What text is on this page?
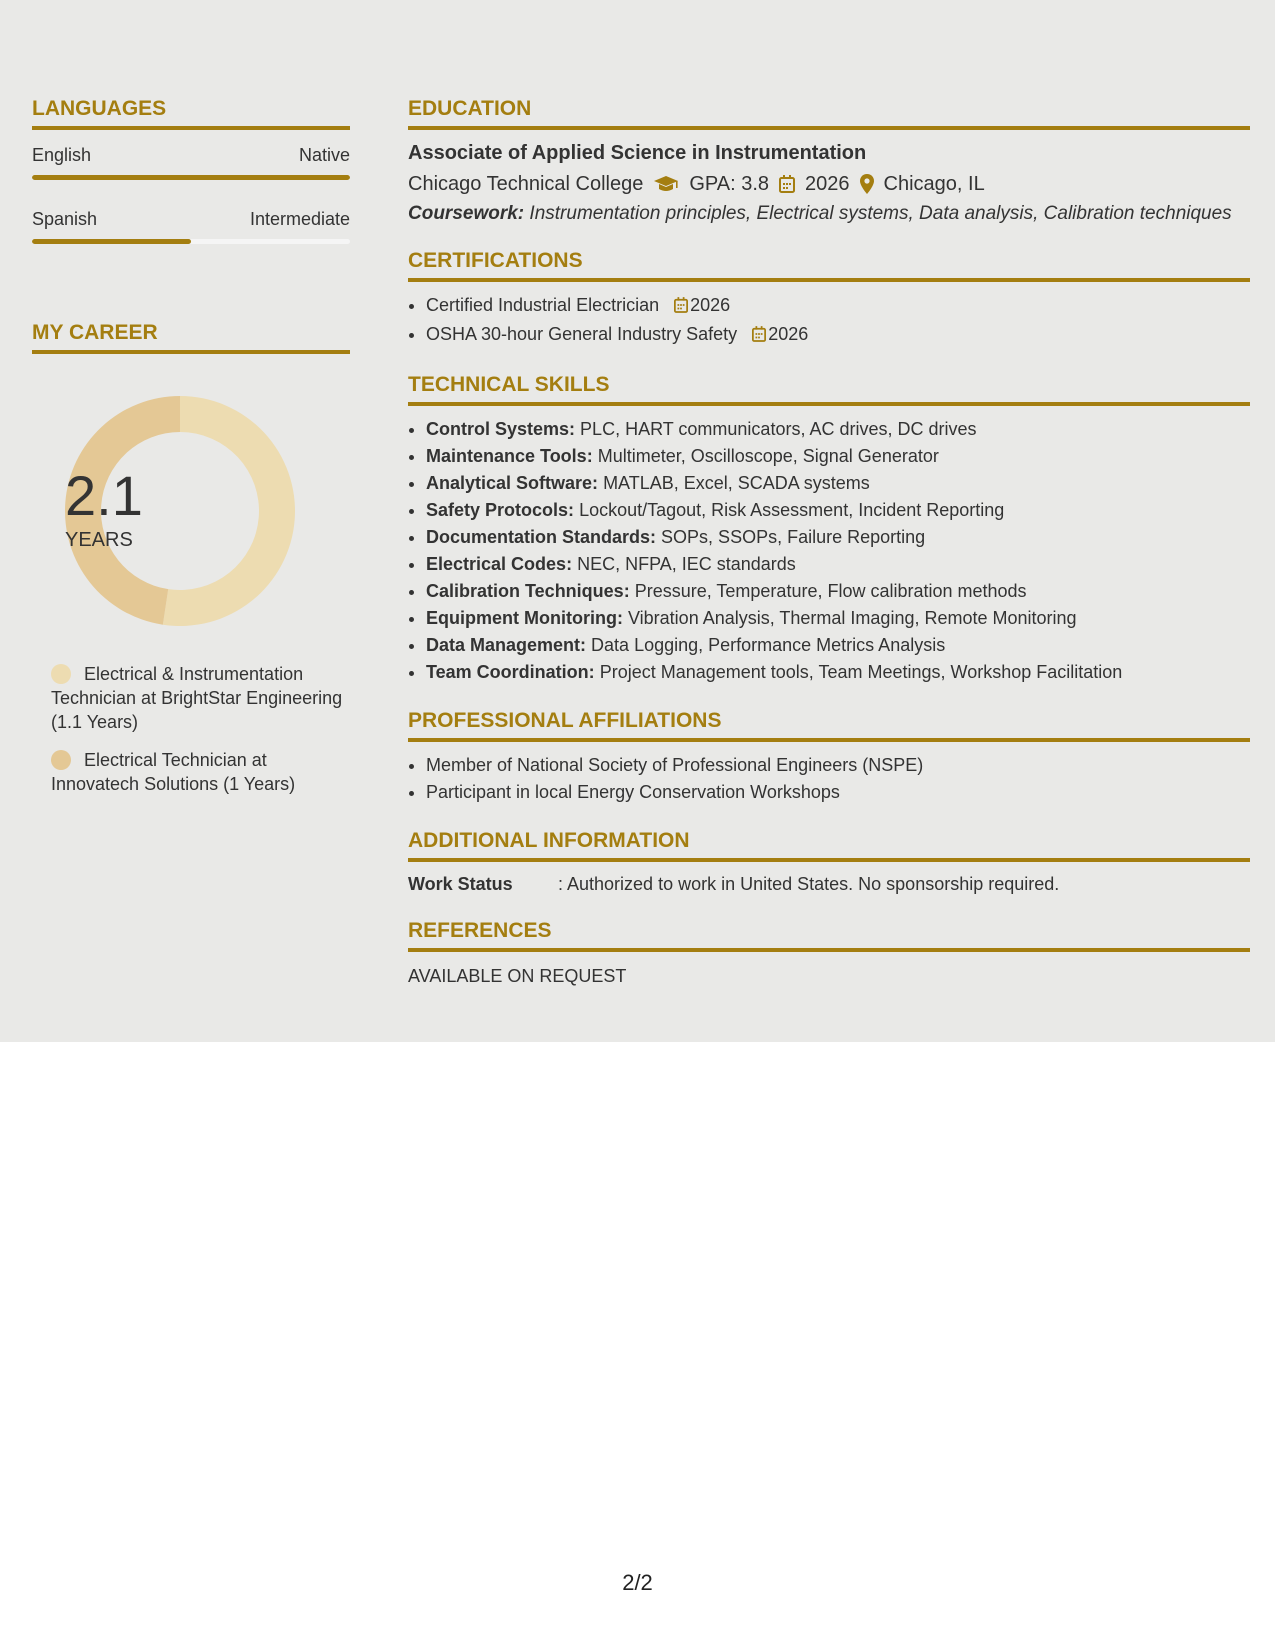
LANGUAGES
English	Native
Spanish	Intermediate
MY CAREER
2.1
YEARS
Electrical & Instrumentation Technician at BrightStar Engineering (1.1 Years)
Electrical Technician at Innovatech Solutions (1 Years)
EDUCATION
Associate of Applied Science in Instrumentation
Chicago Technical College GPA: 3.8 2026 Chicago, IL
Coursework: Instrumentation principles, Electrical systems, Data analysis, Calibration techniques
CERTIFICATIONS
• Certified Industrial Electrician 2026
• OSHA 30-hour General Industry Safety 2026
TECHNICAL SKILLS
• Control Systems: PLC, HART communicators, AC drives, DC drives
• Maintenance Tools: Multimeter, Oscilloscope, Signal Generator
• Analytical Software: MATLAB, Excel, SCADA systems
• Safety Protocols: Lockout/Tagout, Risk Assessment, Incident Reporting
• Documentation Standards: SOPs, SSOPs, Failure Reporting
• Electrical Codes: NEC, NFPA, IEC standards
• Calibration Techniques: Pressure, Temperature, Flow calibration methods
• Equipment Monitoring: Vibration Analysis, Thermal Imaging, Remote Monitoring
• Data Management: Data Logging, Performance Metrics Analysis
• Team Coordination: Project Management tools, Team Meetings, Workshop Facilitation
PROFESSIONAL AFFILIATIONS
• Member of National Society of Professional Engineers (NSPE)
• Participant in local Energy Conservation Workshops
ADDITIONAL INFORMATION
Work Status	: Authorized to work in United States. No sponsorship required.
REFERENCES
AVAILABLE ON REQUEST
2/2
